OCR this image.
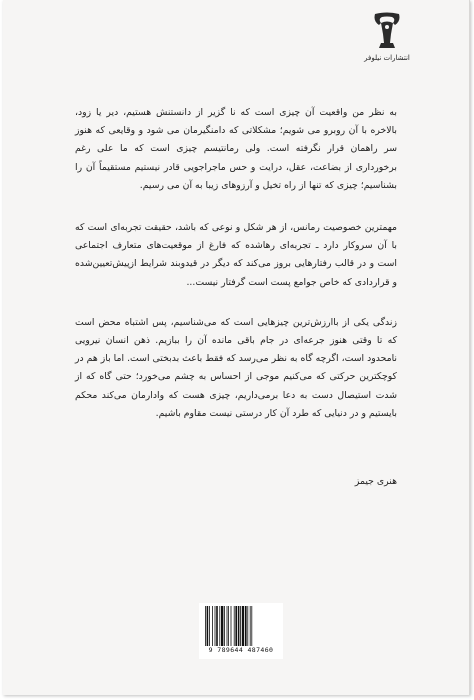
انتشارات نیلوفر

به نظر من واقعیت آن چیزی است که نا گزیر از دانستنش هستیم، دیر یا زود، بالاخره با آن روبرو می شویم؛ مشکلاتی که دامنگیرمان می شود و وقایعی که هنوز سر راهمان قرار نگرفته است. ولی رمانتیسم چیزی است که ما علی رغم برخورداری از بضاعت، عقل، درایت و حس ماجراجویی قادر نیستیم مستقیماً آن را بشناسیم؛ چیزی که تنها از راه تخیل و آرزوهای زیبا به آن می رسیم.

مهمترین خصوصیت رمانس، از هر شکل و نوعی که باشد، حقیقت تجربه‌ای است که با آن سروکار دارد ـ تجربه‌ای رهاشده که فارغ از موقعیت‌های متعارف اجتماعی است و در قالب رفتارهایی بروز می‌کند که دیگر در قیدوبند شرایط ازپیش‌تعیین‌شده و قراردادی که خاص جوامع پست است گرفتار نیست...

زندگی یکی از باارزش‌ترین چیزهایی است که می‌شناسیم، پس اشتباه محض است که تا وقتی هنوز جرعه‌ای در جام باقی مانده آن را ببازیم. ذهن انسان نیرویی نامحدود است، اگرچه گاه به نظر می‌رسد که فقط باعث بدبختی است. اما باز هم در کوچکترین حرکتی که می‌کنیم موجی از احساس به چشم می‌خورد؛ حتی گاه که از شدت استیصال دست به دعا برمی‌داریم، چیزی هست که وادارمان می‌کند محکم بایستیم و در دنیایی که طرد آن کار درستی نیست مقاوم باشیم.

هنری جیمز
9 789644 487460
